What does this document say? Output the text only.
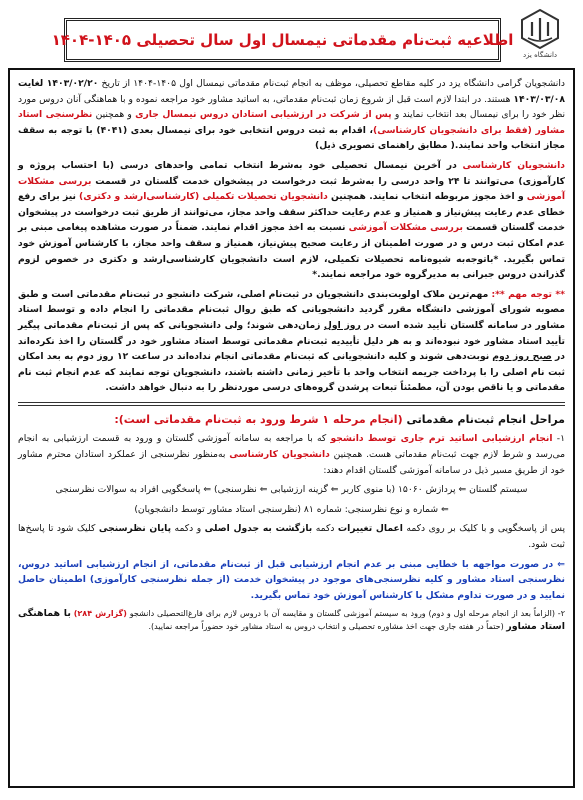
اطلاعیه ثبت‌نام مقدماتی نیمسال اول سال تحصیلی ۱۴۰۵-۱۴۰۴
دانشگاه یزد

دانشجویان گرامی دانشگاه یزد در کلیه مقاطع تحصیلی، موظف به انجام ثبت‌نام مقدماتی نیمسال اول ۱۴۰۵-۱۴۰۴ از تاریخ ۱۴۰۳/۰۲/۲۰ لغایت ۱۴۰۳/۰۳/۰۸ هستند. در ابتدا لازم است قبل از شروع زمان ثبت‌نام مقدماتی، به اساتید مشاور خود مراجعه نموده و با هماهنگی آنان دروس مورد نظر خود را برای نیمسال بعد انتخاب نمایند و پس از شرکت در ارزشیابی استادان دروس نیمسال جاری و همچنین نظرسنجی استاد مشاور (فقط برای دانشجویان کارشناسی)، اقدام به ثبت دروس انتخابی خود برای نیمسال بعدی (۴۰۴۱) با توجه به سقف مجاز انتخاب واحد نمایند.( مطابق راهنمای تصویری ذیل)

دانشجویان کارشناسی در آخرین نیمسال تحصیلی خود به‌شرط انتخاب تمامی واحدهای درسی (با احتساب پروژه و کارآموزی) می‌توانند تا ۲۴ واحد درسی را به‌شرط ثبت درخواست در پیشخوان خدمت گلستان در قسمت بررسی مشکلات آموزشی و اخذ مجوز مربوطه انتخاب نمایند. همچنین دانشجویان تحصیلات تکمیلی (کارشناسی‌ارشد و دکتری) نیز برای رفع خطای عدم رعایت پیش‌نیاز و همنیاز و عدم رعایت حداکثر سقف واحد مجاز، می‌توانند از طریق ثبت درخواست در پیشخوان خدمت گلستان قسمت بررسی مشکلات آموزشی نسبت به اخذ مجوز اقدام نمایند. ضمناً در صورت مشاهده پیغامی مبنی بر عدم امکان ثبت درس و در صورت اطمینان از رعایت صحیح پیش‌نیاز، همنیاز و سقف واحد مجاز، با کارشناس آموزش خود تماس بگیرید. *با‌توجه‌به شیوه‌نامه تحصیلات تکمیلی، لازم است دانشجویان کارشناسی‌ارشد و دکتری در خصوص لزوم گذراندن دروس جبرانی به مدیرگروه خود مراجعه نمایند.*

** توجه مهم **: مهم‌ترین ملاک اولویت‌بندی دانشجویان در ثبت‌نام اصلی، شرکت دانشجو در ثبت‌نام مقدماتی است و طبق مصوبه شورای آموزشی دانشگاه مقرر گردید دانشجویانی که طبق روال ثبت‌نام مقدماتی را انجام داده و توسط استاد مشاور در سامانه گلستان تأیید شده است در روز اول زمان‌دهی شوند؛ ولی دانشجویانی که پس از ثبت‌نام مقدماتی پیگیر تأیید استاد مشاور خود نبوده‌اند و به هر دلیل تأییدیه ثبت‌نام مقدماتی توسط استاد مشاور خود در گلستان را اخذ نکرده‌اند در صبح روز دوم نوبت‌دهی شوند و کلیه دانشجویانی که ثبت‌نام مقدماتی انجام نداده‌اند در ساعت ۱۲ روز دوم به بعد امکان ثبت نام اصلی را با پرداخت جریمه انتخاب واحد با تأخیر زمانی داشته باشند، دانشجویان توجه نمایند که عدم انجام ثبت نام مقدماتی و یا ناقص بودن آن، مطمئناً تبعات پرشدن گروه‌های درسی موردنظر را به دنبال خواهد داشت.

مراحل انجام ثبت‌نام مقدماتی (انجام مرحله ۱ شرط ورود به ثبت‌نام مقدماتی است):

۱- انجام ارزشیابی اساتید ترم جاری توسط دانشجو که با مراجعه به سامانه آموزشی گلستان و ورود به قسمت ارزشیابی به انجام می‌رسد و شرط لازم جهت ثبت‌نام مقدماتی هست. همچنین دانشجویان کارشناسی به‌منظور نظرسنجی از عملکرد استادان محترم مشاور خود از طریق مسیر ذیل در سامانه آموزشی گلستان اقدام دهند:

سیستم گلستان ⇐ پردازش ۱۵۰۶۰ (با منوی کاربر ⇐ گزینه ارزشیابی ⇐ نظرسنجی) ⇐ پاسخگویی افراد به سوالات نظرسنجی

⇐ شماره و نوع نظرسنجی: شماره ۸۱ (نظرسنجی استاد مشاور توسط دانشجویان)

پس از پاسخگویی و با کلیک بر روی دکمه اعمال تغییرات دکمه بازگشت به جدول اصلی و دکمه پایان نظرسنجی کلیک شود تا پاسخ‌ها ثبت شود.

⇐ در صورت مواجهه با خطایی مبنی بر عدم انجام ارزشیابی قبل از ثبت‌نام مقدماتی، از انجام ارزشیابی اساتید دروس، نظرسنجی استاد مشاور و کلیه نظرسنجی‌های موجود در پیشخوان خدمت (از جمله نظرسنجی کارآموزی) اطمینان حاصل نمایید و در صورت تداوم مشکل با کارشناس آموزش خود تماس بگیرید.

۲- (الزاماً بعد از انجام مرحله اول و دوم) ورود به سیستم آموزشی گلستان و مقایسه آن با دروس لازم برای فارغ‌التحصیلی دانشجو (گزارش ۲۸۴) با هماهنگی استاد مشاور (حتماً در هفته جاری جهت اخذ مشاوره تحصیلی و انتخاب دروس به استاد مشاور خود حضوراً مراجعه نمایید).
